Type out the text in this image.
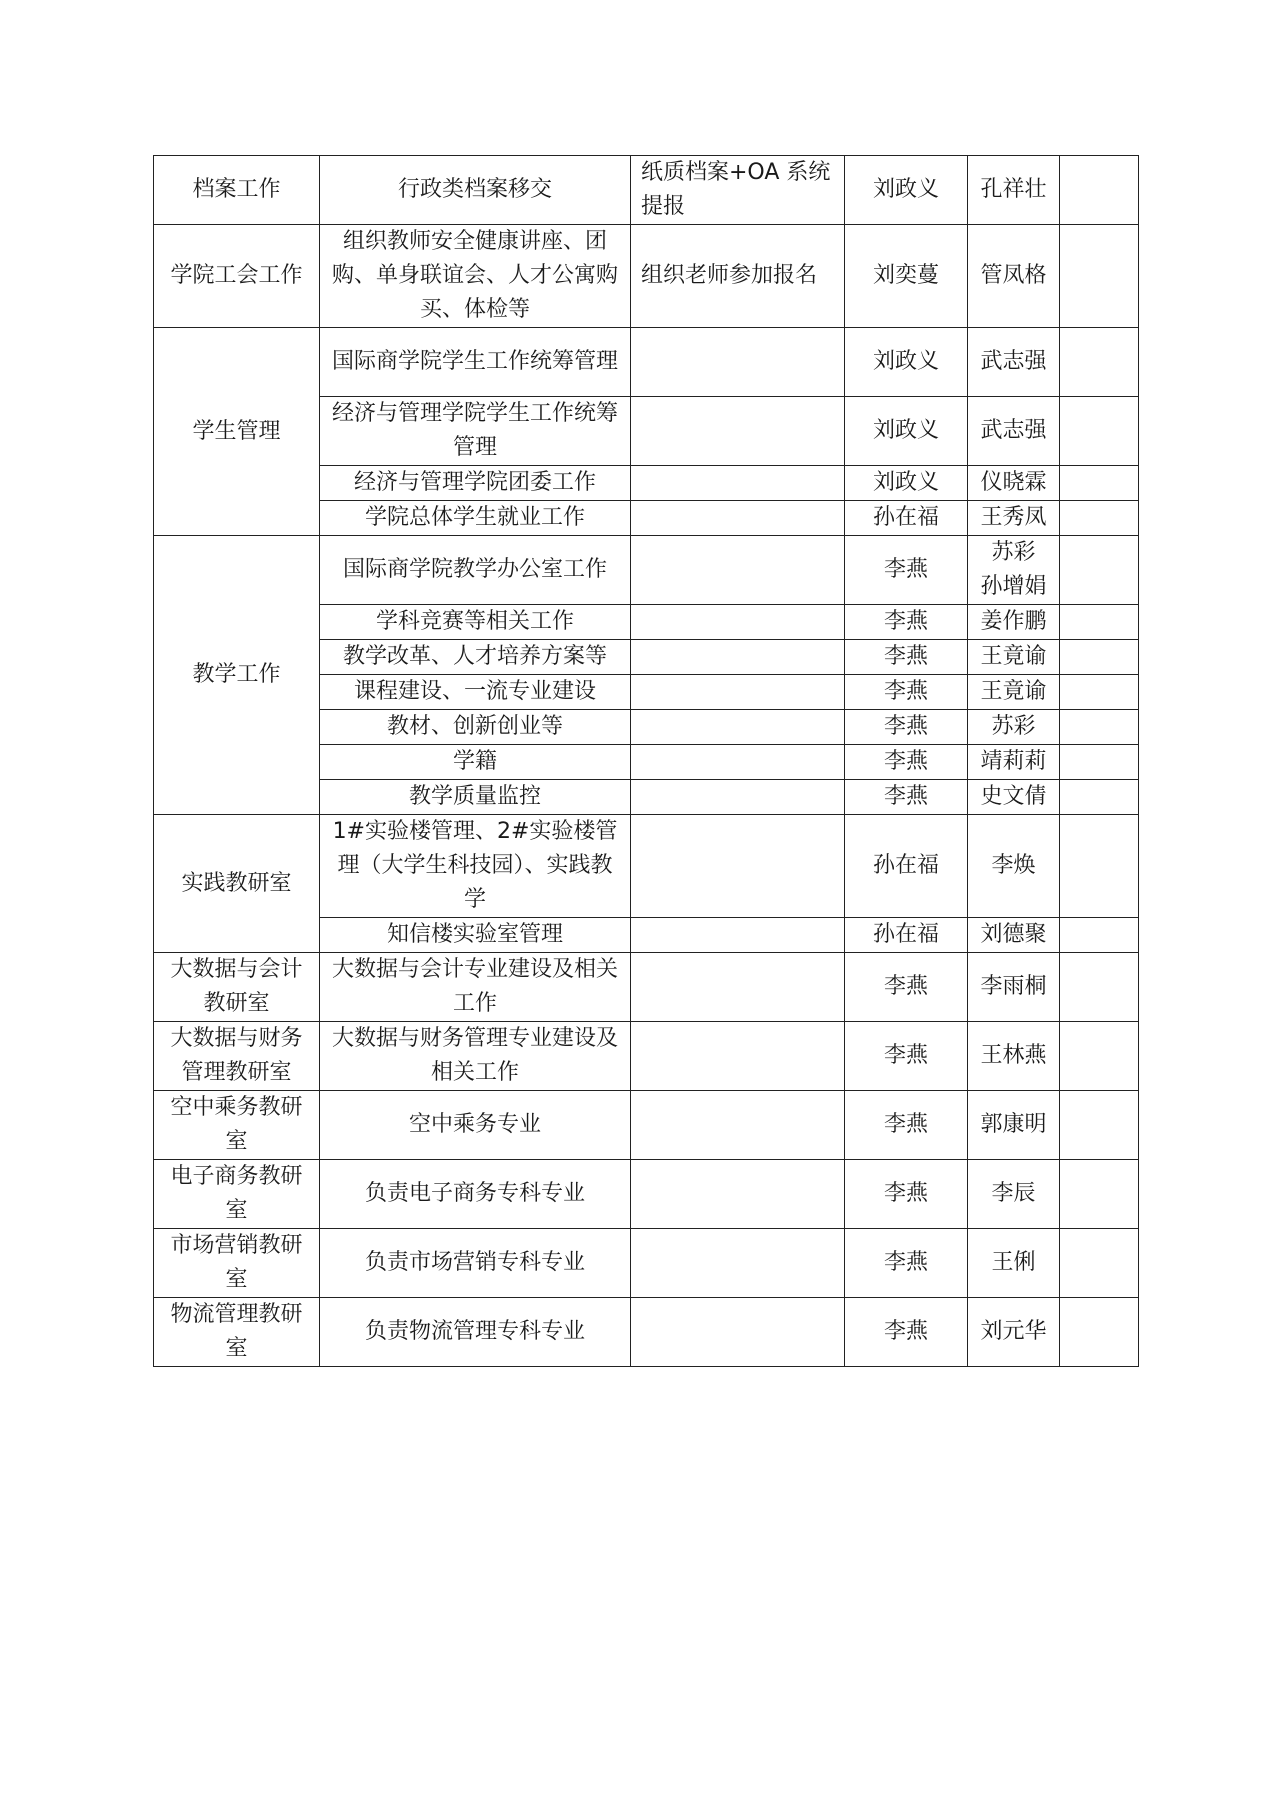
档案工作	行政类档案移交	纸质档案+OA 系统提报	刘政义	孔祥壮	
学院工会工作	组织教师安全健康讲座、团购、单身联谊会、人才公寓购买、体检等	组织老师参加报名	刘奕蔓	管凤格	
学生管理	国际商学院学生工作统筹管理		刘政义	武志强	
	经济与管理学院学生工作统筹管理		刘政义	武志强	
	经济与管理学院团委工作		刘政义	仪晓霖	
	学院总体学生就业工作		孙在福	王秀凤	
教学工作	国际商学院教学办公室工作		李燕	苏彩 孙增娟	
	学科竞赛等相关工作		李燕	姜作鹏	
	教学改革、人才培养方案等		李燕	王竟谕	
	课程建设、一流专业建设		李燕	王竟谕	
	教材、创新创业等		李燕	苏彩	
	学籍		李燕	靖莉莉	
	教学质量监控		李燕	史文倩	
实践教研室	1#实验楼管理、2#实验楼管理（大学生科技园）、实践教学		孙在福	李焕	
	知信楼实验室管理		孙在福	刘德聚	
大数据与会计教研室	大数据与会计专业建设及相关工作		李燕	李雨桐	
大数据与财务管理教研室	大数据与财务管理专业建设及相关工作		李燕	王林燕	
空中乘务教研室	空中乘务专业		李燕	郭康明	
电子商务教研室	负责电子商务专科专业		李燕	李辰	
市场营销教研室	负责市场营销专科专业		李燕	王俐	
物流管理教研室	负责物流管理专科专业		李燕	刘元华	
